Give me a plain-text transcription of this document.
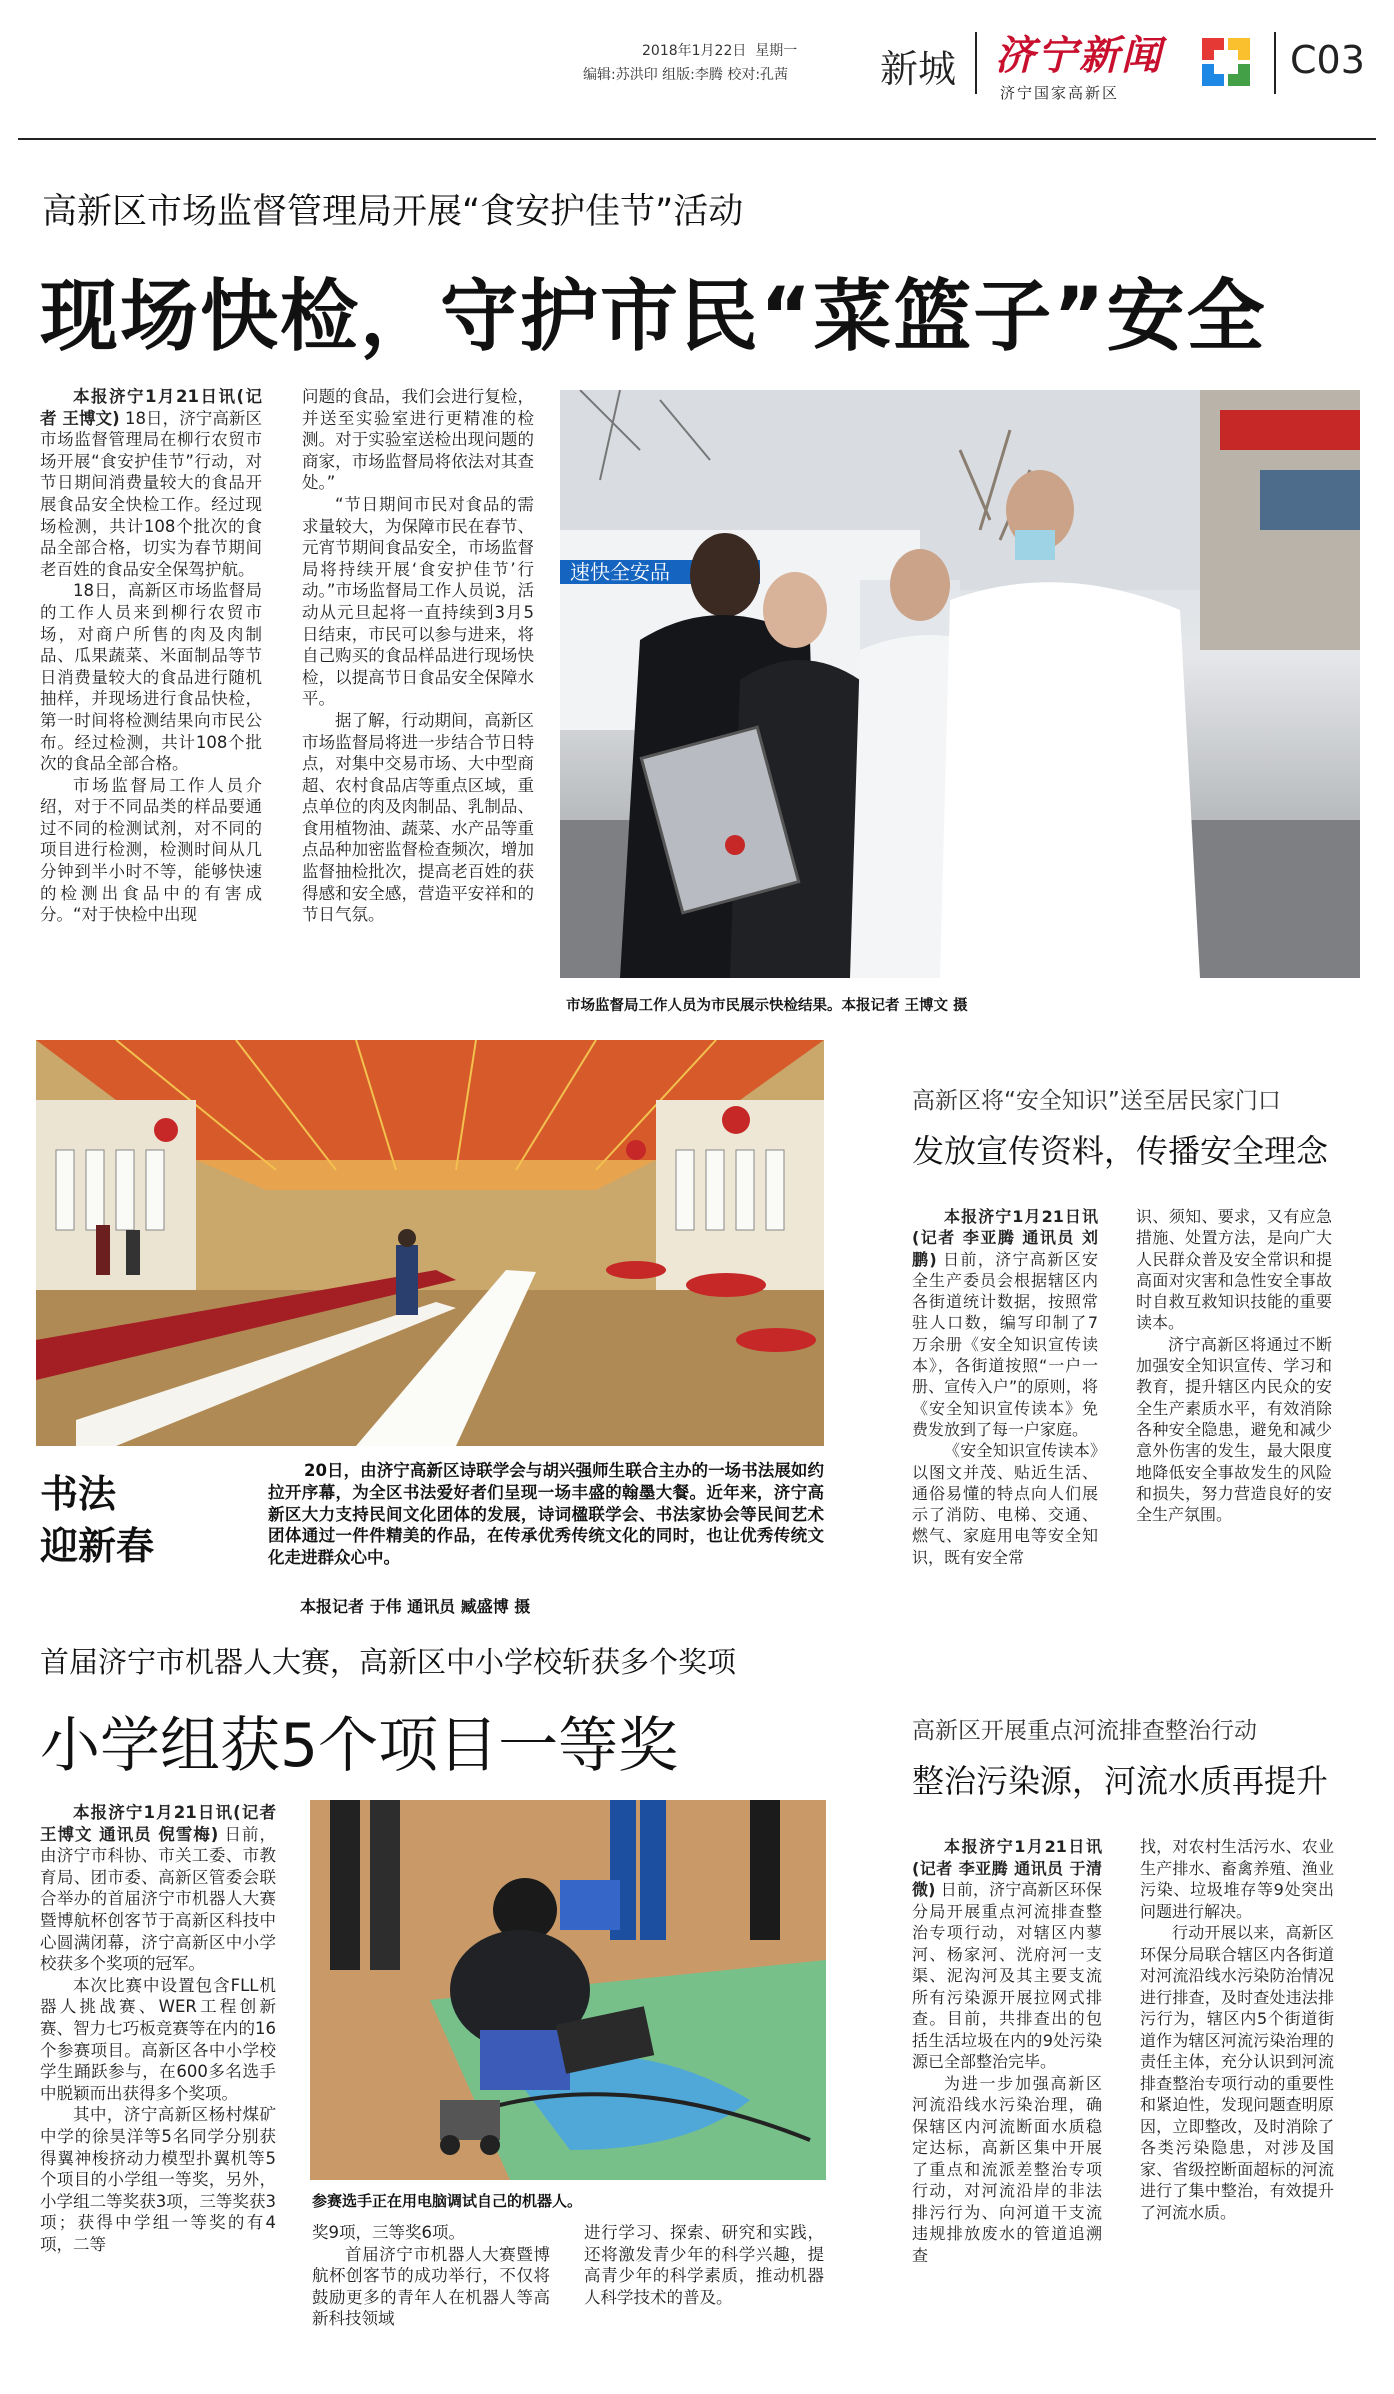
2018年1月22日 星期一
编辑:苏洪印 组版:李腾 校对:孔茜 新城 济宁新闻
济宁国家高新区
C03
高新区市场监督管理局开展“食安护佳节”活动
现场快检，守护市民“菜篮子”安全

本报济宁1月21日讯(记者 王博文) 18日，济宁高新区市场监督管理局在柳行农贸市场开展“食安护佳节”行动，对节日期间消费量较大的食品开展食品安全快检工作。经过现场检测，共计108个批次的食品全部合格，切实为春节期间老百姓的食品安全保驾护航。

18日，高新区市场监督局的工作人员来到柳行农贸市场，对商户所售的肉及肉制品、瓜果蔬菜、米面制品等节日消费量较大的食品进行随机抽样，并现场进行食品快检，第一时间将检测结果向市民公布。经过检测，共计108个批次的食品全部合格。

市场监督局工作人员介绍，对于不同品类的样品要通过不同的检测试剂，对不同的项目进行检测，检测时间从几分钟到半小时不等，能够快速的检测出食品中的有害成分。“对于快检中出现

问题的食品，我们会进行复检，并送至实验室进行更精准的检测。对于实验室送检出现问题的商家，市场监督局将依法对其查处。”

“节日期间市民对食品的需求量较大，为保障市民在春节、元宵节期间食品安全，市场监督局将持续开展‘食安护佳节’行动。”市场监督局工作人员说，活动从元旦起将一直持续到3月5日结束，市民可以参与进来，将自己购买的食品样品进行现场快检，以提高节日食品安全保障水平。

据了解，行动期间，高新区市场监督局将进一步结合节日特点，对集中交易市场、大中型商超、农村食品店等重点区域，重点单位的肉及肉制品、乳制品、食用植物油、蔬菜、水产品等重点品种加密监督检查频次，增加监督抽检批次，提高老百姓的获得感和安全感，营造平安祥和的节日气氛。

速快全安品
市场监督局工作人员为市民展示快检结果。本报记者 王博文 摄
书法
迎新春
20日，由济宁高新区诗联学会与胡兴强师生联合主办的一场书法展如约拉开序幕，为全区书法爱好者们呈现一场丰盛的翰墨大餐。近年来，济宁高新区大力支持民间文化团体的发展，诗词楹联学会、书法家协会等民间艺术团体通过一件件精美的作品，在传承优秀传统文化的同时，也让优秀传统文化走进群众心中。
本报记者 于伟 通讯员 臧盛博 摄
高新区将“安全知识”送至居民家门口
发放宣传资料，传播安全理念

本报济宁1月21日讯(记者 李亚腾 通讯员 刘鹏) 日前，济宁高新区安全生产委员会根据辖区内各街道统计数据，按照常驻人口数，编写印制了7万余册《安全知识宣传读本》，各街道按照“一户一册、宣传入户”的原则，将《安全知识宣传读本》免费发放到了每一户家庭。

《安全知识宣传读本》以图文并茂、贴近生活、通俗易懂的特点向人们展示了消防、电梯、交通、燃气、家庭用电等安全知识，既有安全常

识、须知、要求，又有应急措施、处置方法，是向广大人民群众普及安全常识和提高面对灾害和急性安全事故时自救互救知识技能的重要读本。

济宁高新区将通过不断加强安全知识宣传、学习和教育，提升辖区内民众的安全生产素质水平，有效消除各种安全隐患，避免和减少意外伤害的发生，最大限度地降低安全事故发生的风险和损失，努力营造良好的安全生产氛围。

首届济宁市机器人大赛，高新区中小学校斩获多个奖项
小学组获5个项目一等奖

本报济宁1月21日讯(记者 王博文 通讯员 倪雪梅) 日前，由济宁市科协、市关工委、市教育局、团市委、高新区管委会联合举办的首届济宁市机器人大赛暨博航杯创客节于高新区科技中心圆满闭幕，济宁高新区中小学校获多个奖项的冠军。

本次比赛中设置包含FLL机器人挑战赛、WER工程创新赛、智力七巧板竞赛等在内的16个参赛项目。高新区各中小学校学生踊跃参与，在600多名选手中脱颖而出获得多个奖项。

其中，济宁高新区杨村煤矿中学的徐昊洋等5名同学分别获得翼神梭挤动力模型扑翼机等5个项目的小学组一等奖，另外，小学组二等奖获3项，三等奖获3项；获得中学组一等奖的有4项，二等

参赛选手正在用电脑调试自己的机器人。

奖9项，三等奖6项。

首届济宁市机器人大赛暨博航杯创客节的成功举行，不仅将鼓励更多的青年人在机器人等高新科技领域

进行学习、探索、研究和实践，还将激发青少年的科学兴趣，提高青少年的科学素质，推动机器人科学技术的普及。

高新区开展重点河流排查整治行动
整治污染源，河流水质再提升

本报济宁1月21日讯(记者 李亚腾 通讯员 于清微) 日前，济宁高新区环保分局开展重点河流排查整治专项行动，对辖区内蓼河、杨家河、洸府河一支渠、泥沟河及其主要支流所有污染源开展拉网式排查。目前，共排查出的包括生活垃圾在内的9处污染源已全部整治完毕。

为进一步加强高新区河流沿线水污染治理，确保辖区内河流断面水质稳定达标，高新区集中开展了重点和流派差整治专项行动，对河流沿岸的非法排污行为、向河道干支流违规排放废水的管道追溯查

找，对农村生活污水、农业生产排水、畜禽养殖、渔业污染、垃圾堆存等9处突出问题进行解决。

行动开展以来，高新区环保分局联合辖区内各街道对河流沿线水污染防治情况进行排查，及时查处违法排污行为，辖区内5个街道街道作为辖区河流污染治理的责任主体，充分认识到河流排查整治专项行动的重要性和紧迫性，发现问题查明原因，立即整改，及时消除了各类污染隐患，对涉及国家、省级控断面超标的河流进行了集中整治，有效提升了河流水质。
